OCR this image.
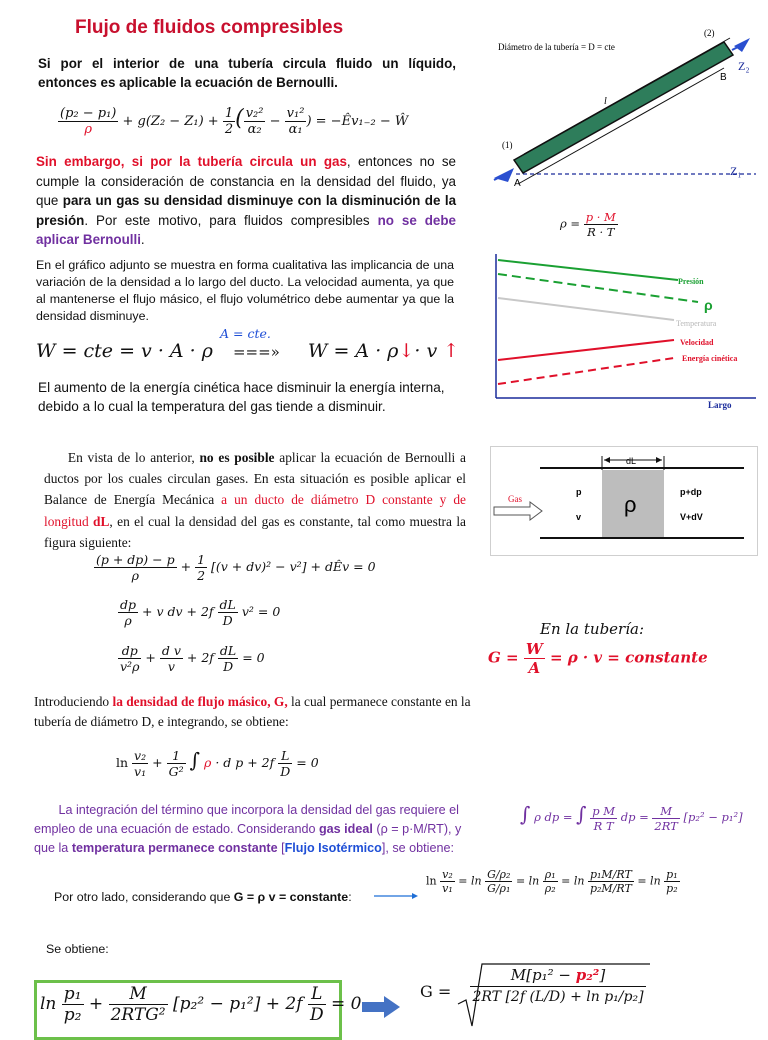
Flujo de fluidos compresibles
Si por el interior de una tubería circula fluido un líquido, entonces es aplicable la ecuación de Bernoulli.
$\frac{\text{(p₂ − p₁)}}{\rho} + g(Z_2 - Z_1) + \frac{1}{2}$ ( $\frac{\text{v₂²}}{\text{α₂}} - \frac{\text{v₁²}}{\text{α₁}}$ ) = −Êv₁₋₂ − Ŵ
Sin embargo, si por la tubería circula un gas, entonces no se cumple la consideración de constancia en la densidad del fluido, ya que para un gas su densidad disminuye con la disminución de la presión. Por este motivo, para fluidos compresibles no se debe aplicar Bernoulli.
En el gráfico adjunto se muestra en forma cualitativa las implicancia de una variación de la densidad a lo largo del ducto. La velocidad aumenta, ya que al mantenerse el flujo másico, el flujo volumétrico debe aumentar ya que la densidad disminuye.
A = cte.
W = cte = v · A · ρ ===» W = A · ρ↓· v ↑
El aumento de la energía cinética hace disminuir la energía interna, debido a lo cual la temperatura del gas tiende a disminuir.
En vista de lo anterior, no es posible aplicar la ecuación de Bernoulli a ductos por los cuales circulan gases. En esta situación es posible aplicar el Balance de Energía Mecánica a un ducto de diámetro D constante y de longitud dL, en el cual la densidad del gas es constante, tal como muestra la figura siguiente:
$\frac{(p + dp) - p}{\rho} + \frac{1}{2} [(v + dv)^2 - v^2]$ + dÊv = 0
$\frac{dp}{\rho} + v$ dv + $2f \frac{dL}{D} v^2 = 0$
$\frac{dp}{\text{v²ρ}} + \frac{\text{d v}}{v} + 2f \frac{dL}{D} = 0$
En la tubería:
$G = \frac{W}{A} = \rho \cdot v$ = constante
Introduciendo la densidad de flujo másico, G, la cual permanece constante en la tubería de diámetro D, e integrando, se obtiene:
$\ln \frac{\text{v₂}}{\text{v₁}} + \frac{1}{\text{G²}}$ ∫ ρ · d $p + 2f \frac{L}{D} = 0$
La integración del término que incorpora la densidad del gas requiere el empleo de una ecuación de estado. Considerando gas ideal (ρ = p·M/RT), y que la temperatura permanece constante [Flujo Isotérmico], se obtiene:
∫ ρ dp = ∫ $\frac{\text{p M}}{\text{R T}}$ dp = $\frac{M}{2RT} [p_2^2 - p_1^2]$
Por otro lado, considerando que G = ρ v = constante:
$\ln \frac{\text{v₂}}{\text{v₁}} = \ln \frac{\text{G/ρ₂}}{\text{G/ρ₁}} = \ln \frac{\text{ρ₁}}{\text{ρ₂}} = \ln \frac{\text{p₁M/RT}}{\text{p₂M/RT}} = \ln \frac{\text{p₁}}{\text{p₂}}$
Se obtiene:
$\ln \frac{\text{p₁}}{\text{p₂}} + \frac{M}{\text{2RTG²}} [p_2^2 - p_1^2] + 2f \frac{L}{D} = 0$
G =
M[p₁² − p₂²]
2RT [2f (L/D) + ln p₁/p₂]
Diámetro de la tubería = D = cte
(2)
(1)
l
B
A
Z₂
Z₁
$\rho = \frac{p \cdot M}{R \cdot T}$
Presión
ρ
Temperatura
Velocidad
Energía cinética
Largo
dL
Gas
p
v ρ	p+dp
V+dV
